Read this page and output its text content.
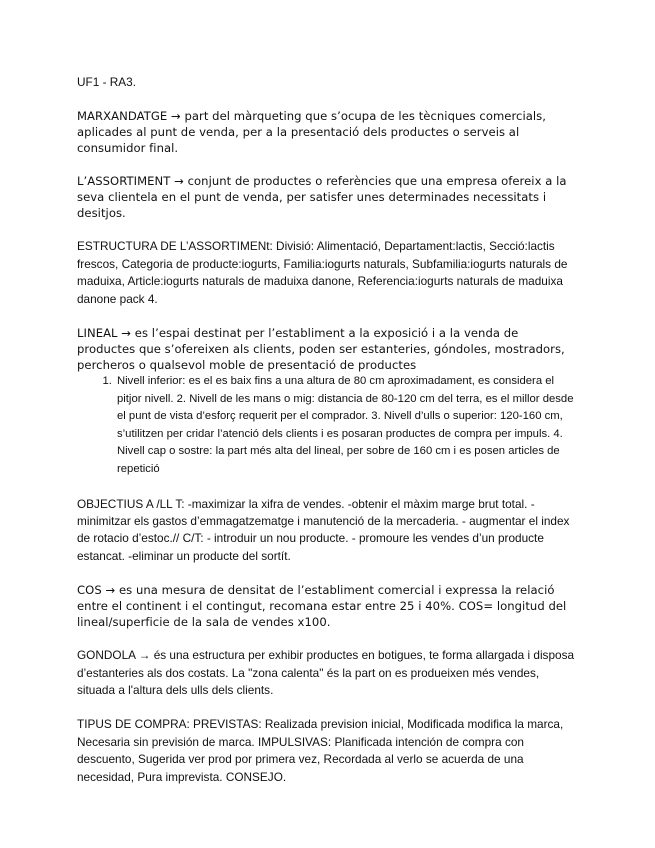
UF1 - RA3.

MARXANDATGE → part del màrqueting que s’ocupa de les tècniques comercials, aplicades al punt de venda, per a la presentació dels productes o serveis al consumidor final.

L’ASSORTIMENT → conjunt de productes o referències que una empresa ofereix a la seva clientela en el punt de venda, per satisfer unes determinades necessitats i desitjos.

ESTRUCTURA DE L’ASSORTIMENt: Divisió: Alimentació, Departament:lactis, Secció:lactis frescos, Categoria de producte:iogurts, Familia:iogurts naturals, Subfamilia:iogurts naturals de maduixa, Article:iogurts naturals de maduixa danone, Referencia:iogurts naturals de maduixa danone pack 4.

LINEAL → es l’espai destinat per l’establiment a la exposició i a la venda de productes que s’ofereixen als clients, poden ser estanteries, góndoles, mostradors, percheros o qualsevol moble de presentació de productes

1. Nivell inferior: es el es baix fins a una altura de 80 cm aproximadament, es considera el pitjor nivell. 2. Nivell de les mans o mig: distancia de 80-120 cm del terra, es el millor desde el punt de vista d’esforç requerit per el comprador. 3. Nivell d’ulls o superior: 120-160 cm, s’utilitzen per cridar l’atenció dels clients i es posaran productes de compra per impuls. 4. Nivell cap o sostre: la part més alta del lineal, per sobre de 160 cm i es posen articles de repetició

OBJECTIUS A /LL T: -maximizar la xifra de vendes. -obtenir el màxim marge brut total. -minimitzar els gastos d’emmagatzematge i manutenció de la mercaderia. - augmentar el index de rotacio d’estoc.// C/T: - introduir un nou producte. - promoure les vendes d’un producte estancat. -eliminar un producte del sortít.

COS → es una mesura de densitat de l’establiment comercial i expressa la relació entre el continent i el contingut, recomana estar entre 25 i 40%. COS= longitud del lineal/superficie de la sala de vendes x100.

GONDOLA → és una estructura per exhibir productes en botigues, te forma allargada i disposa d’estanteries als dos costats. La "zona calenta" és la part on es produeixen més vendes, situada a l'altura dels ulls dels clients.

TIPUS DE COMPRA: PREVISTAS: Realizada prevision inicial, Modificada modifica la marca, Necesaria sin previsión de marca. IMPULSIVAS: Planificada intención de compra con descuento, Sugerida ver prod por primera vez, Recordada al verlo se acuerda de una necesidad, Pura imprevista. CONSEJO.
